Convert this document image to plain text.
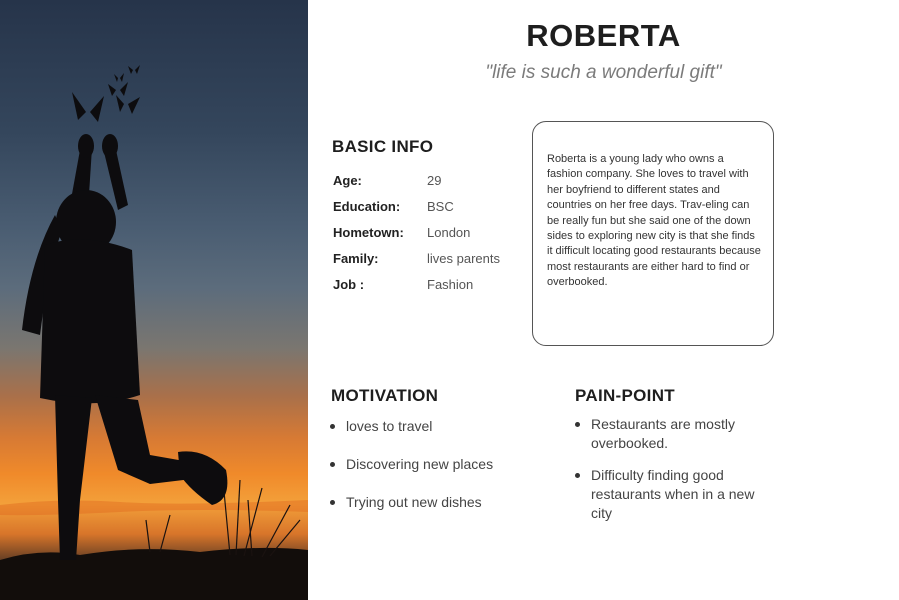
ROBERTA
"life is such a wonderful gift"
BASIC INFO
Age:	29
Education: BSC
Hometown: London
Family:	lives parents
Job :	Fashion
Roberta is a young lady who owns a fashion company. She loves to travel with her boyfriend to different states and countries on her free days. Trav-eling can be really fun but she said one of the down sides to exploring new city is that she finds it difficult locating good restaurants because most restaurants are either hard to find or overbooked.
MOTIVATION
loves to travel
Discovering new places
Trying out new dishes
PAIN-POINT
Restaurants are mostly overbooked.
Difficulty finding good restaurants when in a new city
